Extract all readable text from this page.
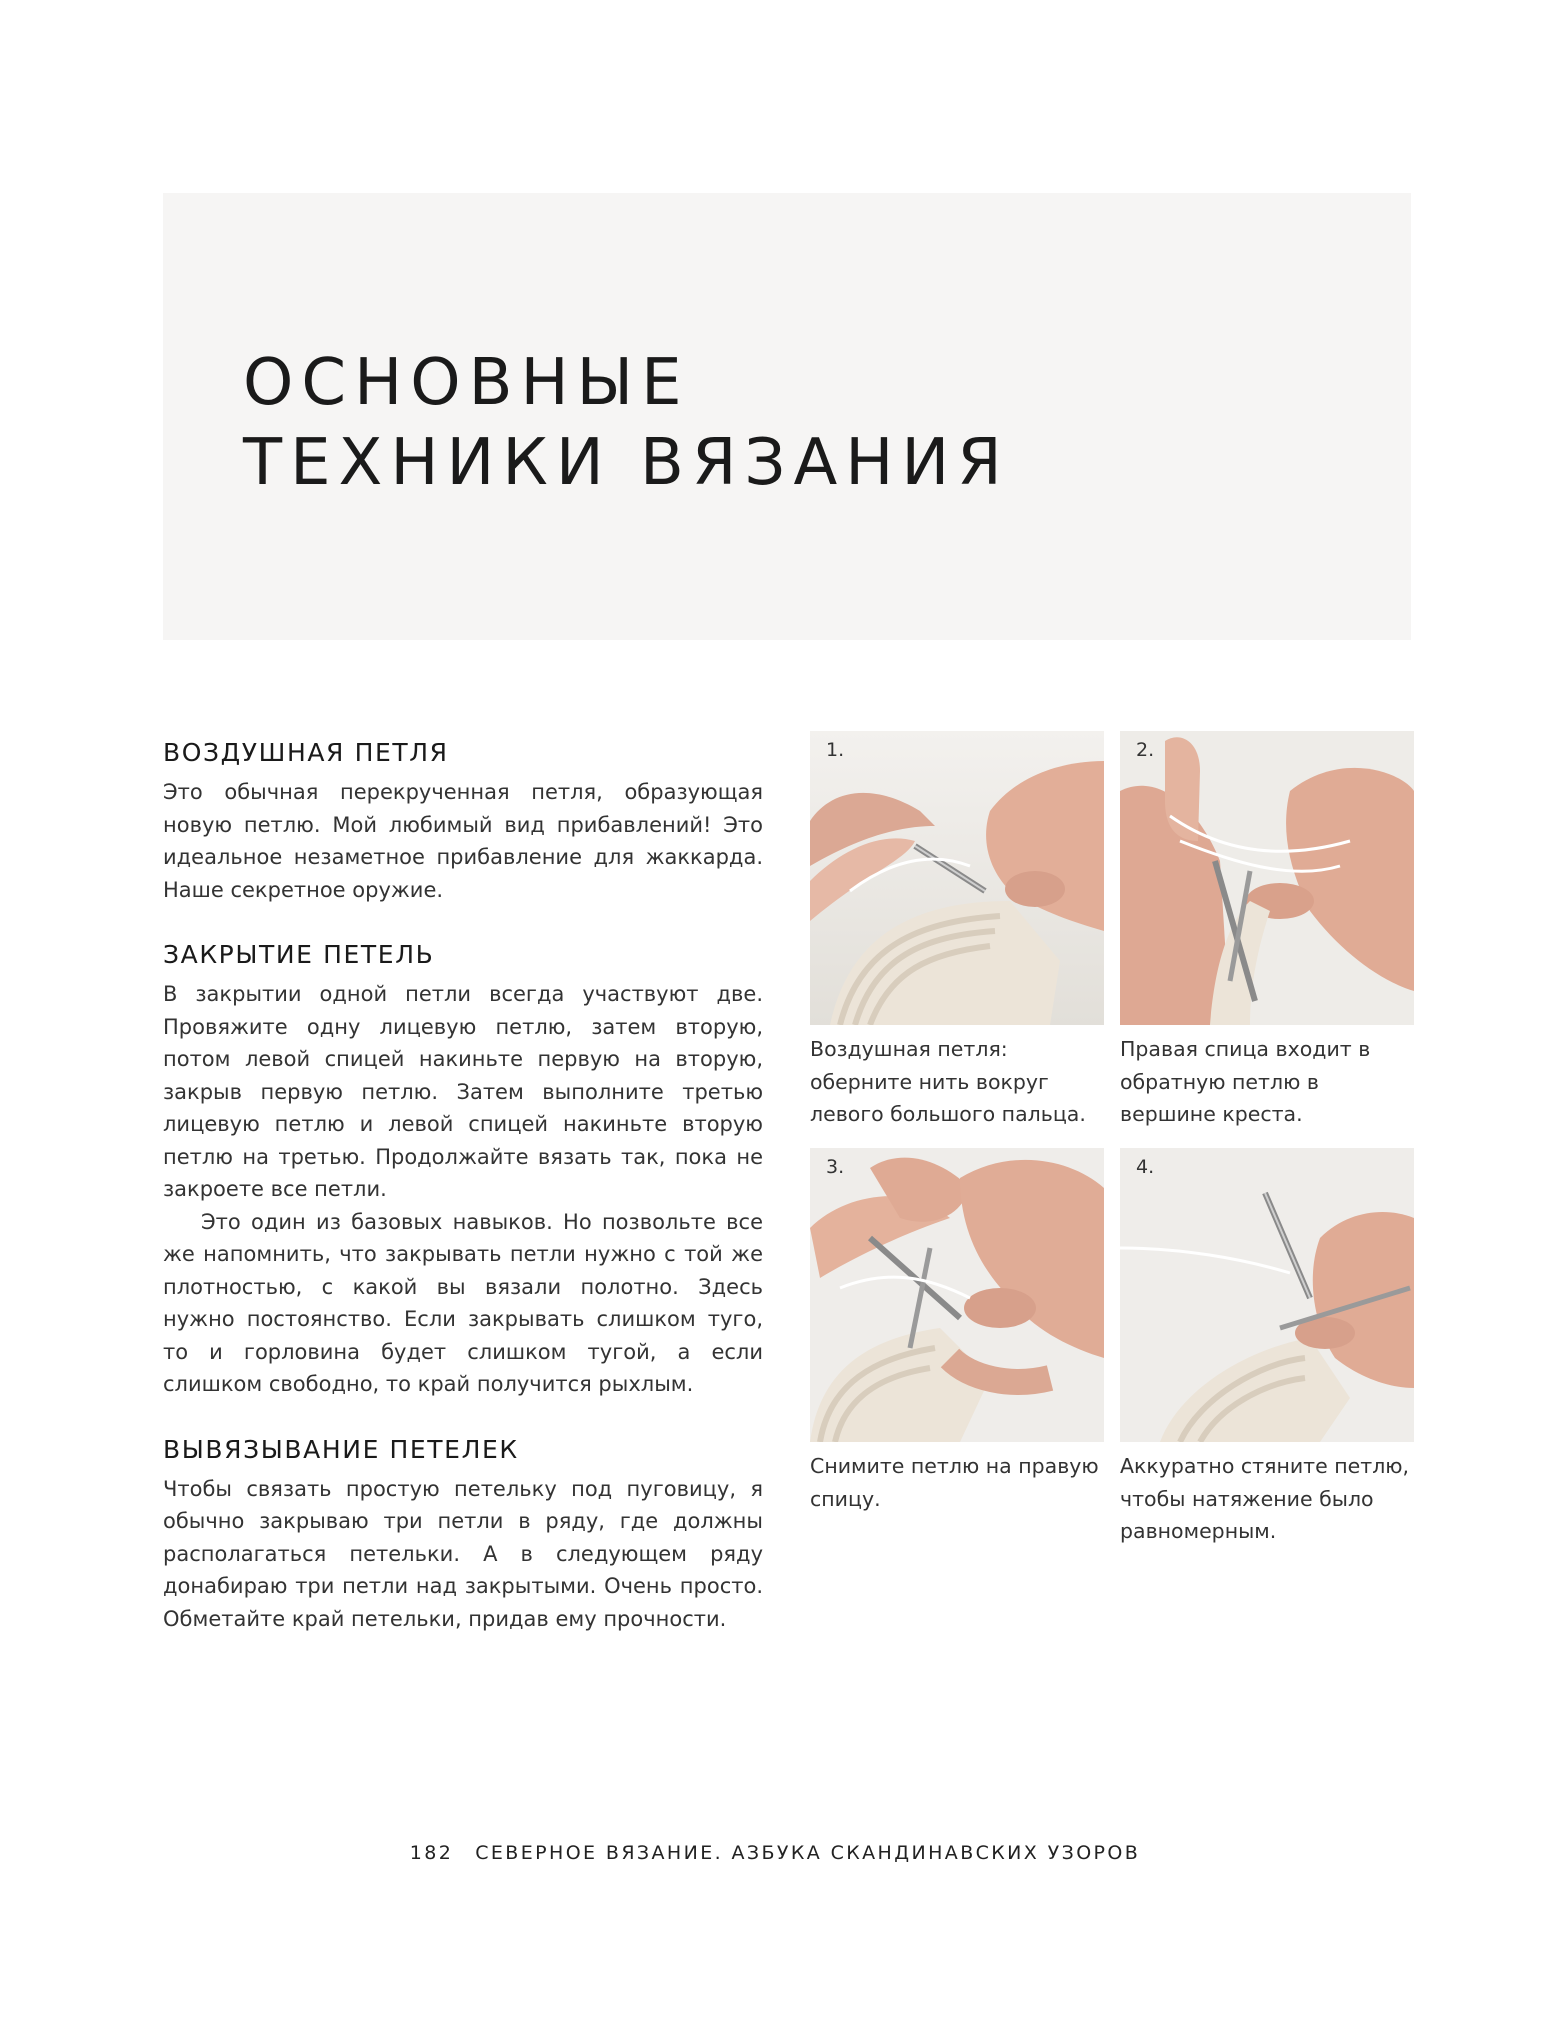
ОСНОВНЫЕ
ТЕХНИКИ ВЯЗАНИЯ
ВОЗДУШНАЯ ПЕТЛЯ

Это обычная перекрученная петля, образующая новую петлю. Мой любимый вид прибавлений! Это идеальное незаметное прибавление для жаккарда. Наше секретное оружие.

ЗАКРЫТИЕ ПЕТЕЛЬ

В закрытии одной петли всегда участвуют две. Провяжите одну лицевую петлю, затем вторую, потом левой спицей накиньте первую на вторую, закрыв первую петлю. Затем выполните третью лицевую петлю и левой спицей накиньте вторую петлю на третью. Продолжайте вязать так, пока не закроете все петли.

Это один из базовых навыков. Но позвольте все же напомнить, что закрывать петли нужно с той же плотностью, с какой вы вязали полотно. Здесь нужно постоянство. Если закрывать слишком туго, то и горловина будет слишком тугой, а если слишком свободно, то край получится рыхлым.

ВЫВЯЗЫВАНИЕ ПЕТЕЛЕК

Чтобы связать простую петельку под пуговицу, я обычно закрываю три петли в ряду, где должны располагаться петельки. А в следующем ряду донабираю три петли над закрытыми. Очень просто. Обметайте край петельки, придав ему прочности.

1.

Воздушная петля: оберните нить вокруг левого большого пальца.

2.

Правая спица входит в обратную петлю в вершине креста.

3.

Снимите петлю на правую спицу.

4.

Аккуратно стяните петлю, чтобы натяжение было равномерным.

182 СЕВЕРНОЕ ВЯЗАНИЕ. АЗБУКА СКАНДИНАВСКИХ УЗОРОВ
